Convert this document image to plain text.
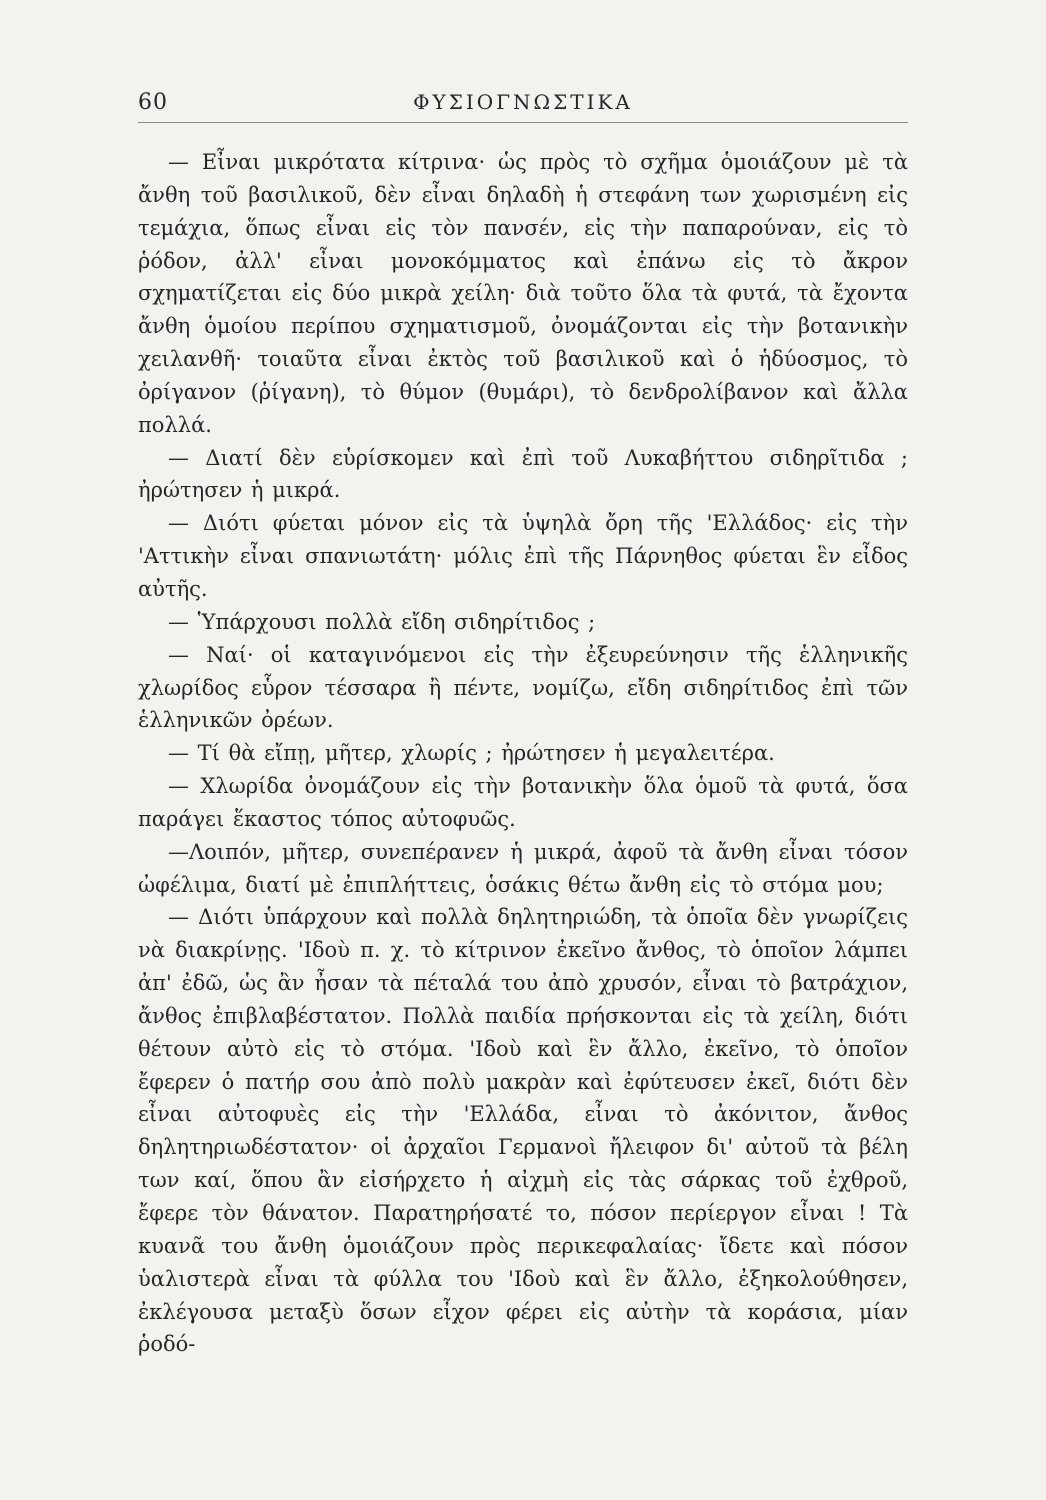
60	ΦΥΣΙΟΓΝΩΣΤΙΚΑ

— Εἶναι μικρότατα κίτρινα· ὡς πρὸς τὸ σχῆμα ὁμοιάζουν μὲ τὰ ἄνθη τοῦ βασιλικοῦ, δὲν εἶναι δηλαδὴ ἡ στεφάνη των χωρισμένη εἰς τεμάχια, ὅπως εἶναι εἰς τὸν πανσέν, εἰς τὴν παπαρούναν, εἰς τὸ ῥόδον, ἀλλ' εἶναι μονοκόμματος καὶ ἐπάνω εἰς τὸ ἄκρον σχηματίζεται εἰς δύο μικρὰ χείλη· διὰ τοῦτο ὅλα τὰ φυτά, τὰ ἔχοντα ἄνθη ὁμοίου περίπου σχηματισμοῦ, ὀνομάζονται εἰς τὴν βοτανικὴν χειλανθῆ· τοιαῦτα εἶναι ἐκτὸς τοῦ βασιλικοῦ καὶ ὁ ἡδύοσμος, τὸ ὀρίγανον (ῥίγανη), τὸ θύμον (θυμάρι), τὸ δενδρολίβανον καὶ ἄλλα πολλά.

— Διατί δὲν εὑρίσκομεν καὶ ἐπὶ τοῦ Λυκαβήττου σιδηρῖτιδα ; ἠρώτησεν ἡ μικρά.

— Διότι φύεται μόνον εἰς τὰ ὑψηλὰ ὄρη τῆς 'Ελλάδος· εἰς τὴν 'Αττικὴν εἶναι σπανιωτάτη· μόλις ἐπὶ τῆς Πάρνηθος φύεται ἓν εἶδος αὐτῆς.

— Ὑπάρχουσι πολλὰ εἴδη σιδηρίτιδος ;

— Ναί· οἱ καταγινόμενοι εἰς τὴν ἐξευρεύνησιν τῆς ἑλληνικῆς χλωρίδος εὗρον τέσσαρα ἢ πέντε, νομίζω, εἴδη σιδηρίτιδος ἐπὶ τῶν ἑλληνικῶν ὀρέων.

— Τί θὰ εἴπῃ, μῆτερ, χλωρίς ; ἠρώτησεν ἡ μεγαλειτέρα.

— Χλωρίδα ὀνομάζουν εἰς τὴν βοτανικὴν ὅλα ὁμοῦ τὰ φυτά, ὅσα παράγει ἕκαστος τόπος αὐτοφυῶς.

—Λοιπόν, μῆτερ, συνεπέρανεν ἡ μικρά, ἀφοῦ τὰ ἄνθη εἶναι τόσον ὠφέλιμα, διατί μὲ ἐπιπλήττεις, ὁσάκις θέτω ἄνθη εἰς τὸ στόμα μου;

— Διότι ὑπάρχουν καὶ πολλὰ δηλητηριώδη, τὰ ὁποῖα δὲν γνωρίζεις νὰ διακρίνῃς. 'Ιδοὺ π. χ. τὸ κίτρινον ἐκεῖνο ἄνθος, τὸ ὁποῖον λάμπει ἀπ' ἐδῶ, ὡς ἂν ἦσαν τὰ πέταλά του ἀπὸ χρυσόν, εἶναι τὸ βατράχιον, ἄνθος ἐπιβλαβέστατον. Πολλὰ παιδία πρήσκονται εἰς τὰ χείλη, διότι θέτουν αὐτὸ εἰς τὸ στόμα. 'Ιδοὺ καὶ ἓν ἄλλο, ἐκεῖνο, τὸ ὁποῖον ἔφερεν ὁ πατήρ σου ἀπὸ πολὺ μακρὰν καὶ ἐφύτευσεν ἐκεῖ, διότι δὲν εἶναι αὐτοφυὲς εἰς τὴν 'Ελλάδα, εἶναι τὸ ἀκόνιτον, ἄνθος δηλητηριωδέστατον· οἱ ἀρχαῖοι Γερμανοὶ ἤλειφον δι' αὐτοῦ τὰ βέλη των καί, ὅπου ἂν εἰσήρχετο ἡ αἰχμὴ εἰς τὰς σάρκας τοῦ ἐχθροῦ, ἔφερε τὸν θάνατον. Παρατηρήσατέ το, πόσον περίεργον εἶναι ! Τὰ κυανᾶ του ἄνθη ὁμοιάζουν πρὸς περικεφαλαίας· ἴδετε καὶ πόσον ὑαλιστερὰ εἶναι τὰ φύλλα του 'Ιδοὺ καὶ ἓν ἄλλο, ἐξηκολούθησεν, ἐκλέγουσα μεταξὺ ὅσων εἶχον φέρει εἰς αὐτὴν τὰ κοράσια, μίαν ῥοδό-
